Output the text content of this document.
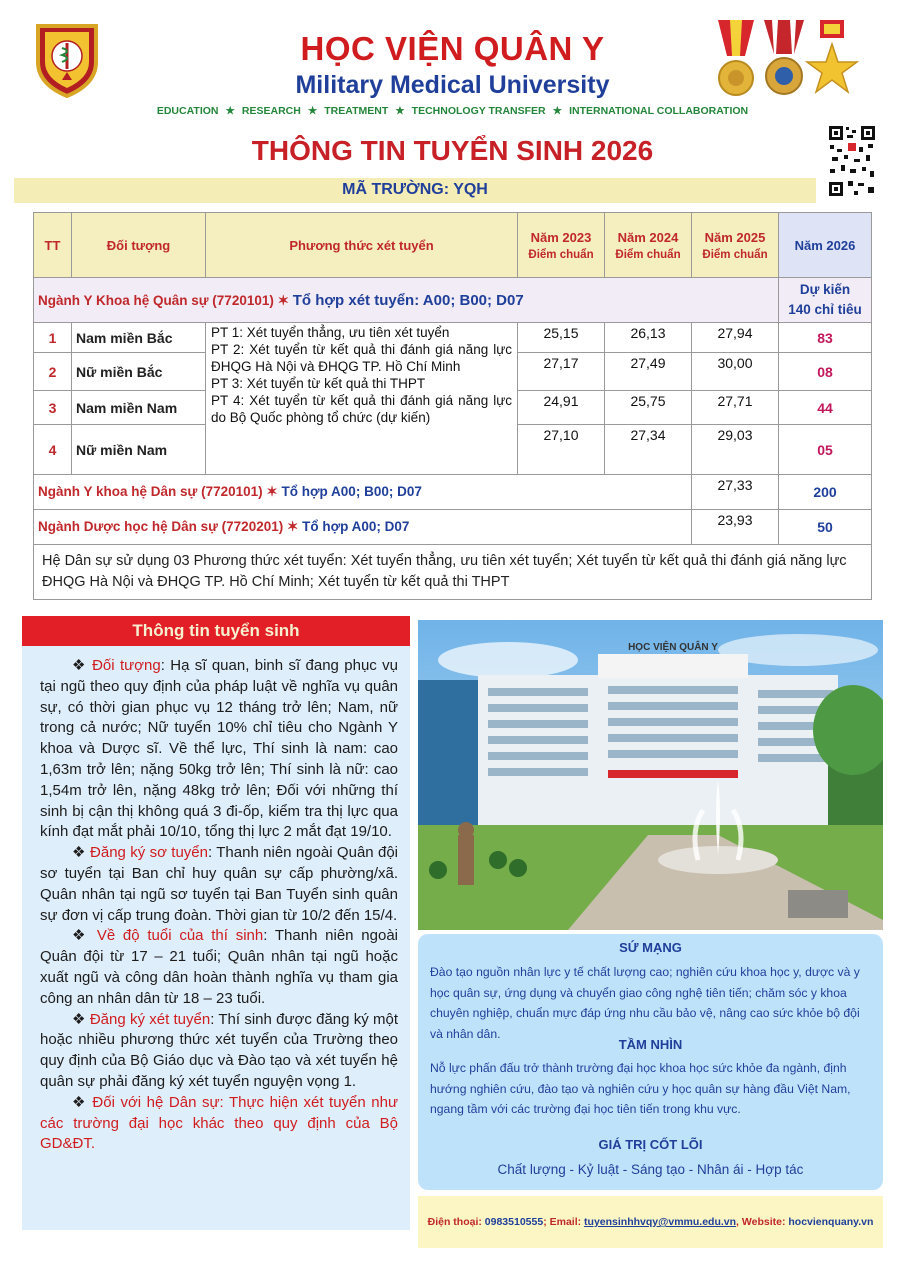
HỌC VIỆN QUÂN Y
Military Medical University
EDUCATION ★ RESEARCH ★ TREATMENT ★ TECHNOLOGY TRANSFER ★ INTERNATIONAL COLLABORATION
THÔNG TIN TUYỂN SINH 2026
MÃ TRƯỜNG: YQH
TT	Đối tượng	Phương thức xét tuyển	Năm 2023
Điểm chuẩn	Năm 2024
Điểm chuẩn	Năm 2025
Điểm chuẩn	Năm 2026
Ngành Y Khoa hệ Quân sự (7720101) ✶ Tổ hợp xét tuyển: A00; B00; D07						Dự kiến
140 chỉ tiêu
1	Nam miền Bắc	PT 1: Xét tuyển thẳng, ưu tiên xét tuyển
PT 2: Xét tuyển từ kết quả thi đánh giá năng lực ĐHQG Hà Nội và ĐHQG TP. Hồ Chí Minh
PT 3: Xét tuyển từ kết quả thi THPT
PT 4: Xét tuyển từ kết quả thi đánh giá năng lực do Bộ Quốc phòng tổ chức (dự kiến)	25,15	26,13	27,94	83
2	Nữ miền Bắc		27,17	27,49	30,00	08
3	Nam miền Nam		24,91	25,75	27,71	44
4	Nữ miền Nam		27,10	27,34	29,03	05
Ngành Y khoa hệ Dân sự (7720101) ✶ Tổ hợp A00; B00; D07					27,33	200
Ngành Dược học hệ Dân sự (7720201) ✶ Tổ hợp A00; D07					23,93	50
Hệ Dân sự sử dụng 03 Phương thức xét tuyển: Xét tuyển thẳng, ưu tiên xét tuyển; Xét tuyển từ kết quả thi đánh giá năng lực ĐHQG Hà Nội và ĐHQG TP. Hồ Chí Minh; Xét tuyển từ kết quả thi THPT						
Thông tin tuyển sinh

❖ Đối tượng: Hạ sĩ quan, binh sĩ đang phục vụ tại ngũ theo quy định của pháp luật về nghĩa vụ quân sự, có thời gian phục vụ 12 tháng trở lên; Nam, nữ trong cả nước; Nữ tuyển 10% chỉ tiêu cho Ngành Y khoa và Dược sĩ. Về thể lực, Thí sinh là nam: cao 1,63m trở lên; nặng 50kg trở lên; Thí sinh là nữ: cao 1,54m trở lên, nặng 48kg trở lên; Đối với những thí sinh bị cận thị không quá 3 đi-ốp, kiểm tra thị lực qua kính đạt mắt phải 10/10, tổng thị lực 2 mắt đạt 19/10.

❖ Đăng ký sơ tuyển: Thanh niên ngoài Quân đội sơ tuyển tại Ban chỉ huy quân sự cấp phường/xã. Quân nhân tại ngũ sơ tuyển tại Ban Tuyển sinh quân sự đơn vị cấp trung đoàn. Thời gian từ 10/2 đến 15/4.

❖ Về độ tuổi của thí sinh: Thanh niên ngoài Quân đội từ 17 – 21 tuổi; Quân nhân tại ngũ hoặc xuất ngũ và công dân hoàn thành nghĩa vụ tham gia công an nhân dân từ 18 – 23 tuổi.

❖ Đăng ký xét tuyển: Thí sinh được đăng ký một hoặc nhiều phương thức xét tuyển của Trường theo quy định của Bộ Giáo dục và Đào tạo và xét tuyển hệ quân sự phải đăng ký xét tuyển nguyện vọng 1.

❖ Đối với hệ Dân sự: Thực hiện xét tuyển như các trường đại học khác theo quy định của Bộ GD&ĐT.

HỌC VIỆN QUÂN Y
SỨ MẠNG
Đào tạo nguồn nhân lực y tế chất lượng cao; nghiên cứu khoa học y, dược và y học quân sự, ứng dụng và chuyển giao công nghệ tiên tiến; chăm sóc y khoa chuyên nghiệp, chuẩn mực đáp ứng nhu cầu bảo vệ, nâng cao sức khỏe bộ đội và nhân dân.
TẦM NHÌN
Nỗ lực phấn đấu trở thành trường đại học khoa học sức khỏe đa ngành, định hướng nghiên cứu, đào tạo và nghiên cứu y học quân sự hàng đầu Việt Nam, ngang tầm với các trường đại học tiên tiến trong khu vực.
GIÁ TRỊ CỐT LÕI
Chất lượng - Kỷ luật - Sáng tạo - Nhân ái - Hợp tác
Điện thoại: 0983510555; Email: tuyensinhhvqy@vmmu.edu.vn, Website: hocvienquany.vn
